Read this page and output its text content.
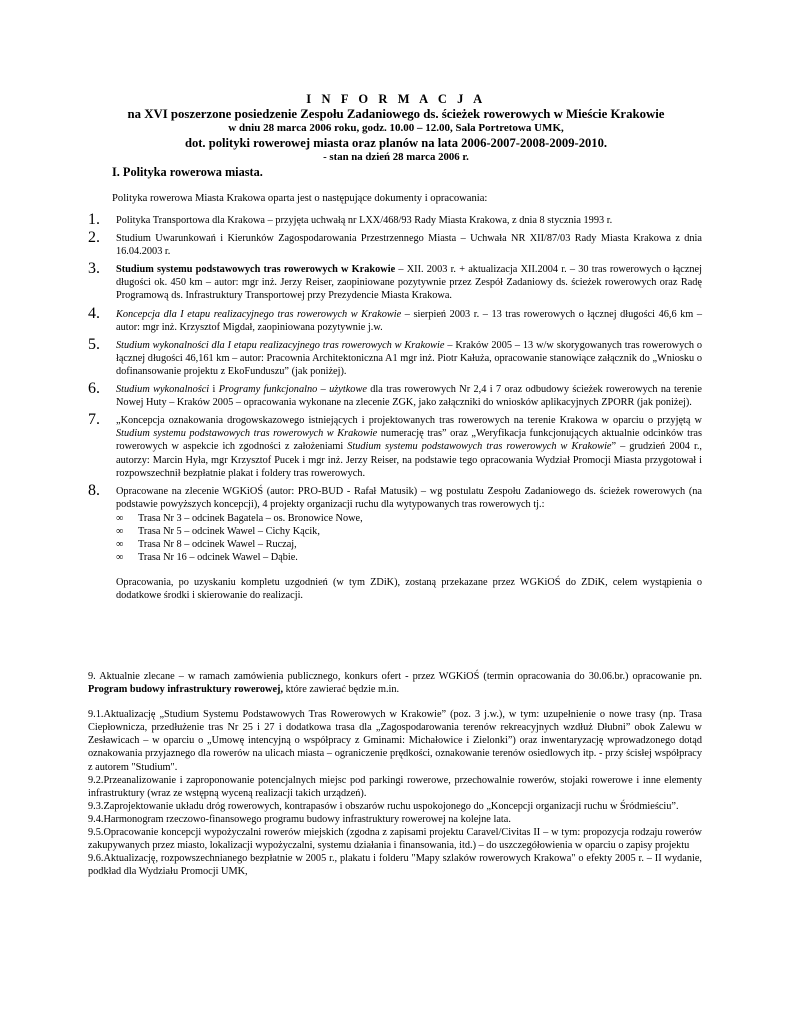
I N F O R M A C J A
na XVI poszerzone posiedzenie Zespołu Zadaniowego ds. ścieżek rowerowych w Mieście Krakowie
w dniu 28 marca 2006 roku, godz. 10.00 – 12.00, Sala Portretowa UMK,
dot. polityki rowerowej miasta oraz planów na lata 2006-2007-2008-2009-2010.
- stan na dzień 28 marca 2006 r.
I. Polityka rowerowa miasta.

Polityka rowerowa Miasta Krakowa oparta jest o następujące dokumenty i opracowania:

1. Polityka Transportowa dla Krakowa – przyjęta uchwałą nr LXX/468/93 Rady Miasta Krakowa, z dnia 8 stycznia 1993 r.
2. Studium Uwarunkowań i Kierunków Zagospodarowania Przestrzennego Miasta – Uchwała NR XII/87/03 Rady Miasta Krakowa z dnia 16.04.2003 r.
3. Studium systemu podstawowych tras rowerowych w Krakowie – XII. 2003 r. + aktualizacja XII.2004 r. – 30 tras rowerowych o łącznej długości ok. 450 km – autor: mgr inż. Jerzy Reiser, zaopiniowane pozytywnie przez Zespół Zadaniowy ds. ścieżek rowerowych oraz Radę Programową ds. Infrastruktury Transportowej przy Prezydencie Miasta Krakowa.
4. Koncepcja dla I etapu realizacyjnego tras rowerowych w Krakowie – sierpień 2003 r. – 13 tras rowerowych o łącznej długości 46,6 km – autor: mgr inż. Krzysztof Migdał, zaopiniowana pozytywnie j.w.
5. Studium wykonalności dla I etapu realizacyjnego tras rowerowych w Krakowie – Kraków 2005 – 13 w/w skorygowanych tras rowerowych o łącznej długości 46,161 km – autor: Pracownia Architektoniczna A1 mgr inż. Piotr Kałuża, opracowanie stanowiące załącznik do „Wniosku o dofinansowanie projektu z EkoFunduszu” (jak poniżej).
6. Studium wykonalności i Programy funkcjonalno – użytkowe dla tras rowerowych Nr 2,4 i 7 oraz odbudowy ścieżek rowerowych na terenie Nowej Huty – Kraków 2005 – opracowania wykonane na zlecenie ZGK, jako załączniki do wniosków aplikacyjnych ZPORR (jak poniżej).
7. „Koncepcja oznakowania drogowskazowego istniejących i projektowanych tras rowerowych na terenie Krakowa w oparciu o przyjętą w Studium systemu podstawowych tras rowerowych w Krakowie numerację tras” oraz „Weryfikacja funkcjonujących aktualnie odcinków tras rowerowych w aspekcie ich zgodności z założeniami Studium systemu podstawowych tras rowerowych w Krakowie” – grudzień 2004 r., autorzy: Marcin Hyła, mgr Krzysztof Pucek i mgr inż. Jerzy Reiser, na podstawie tego opracowania Wydział Promocji Miasta przygotował i rozpowszechnił bezpłatnie plakat i foldery tras rowerowych.
8. Opracowane na zlecenie WGKiOŚ (autor: PRO-BUD - Rafał Matusik) – wg postulatu Zespołu Zadaniowego ds. ścieżek rowerowych (na podstawie powyższych koncepcji), 4 projekty organizacji ruchu dla wytypowanych tras rowerowych tj.:
∞ Trasa Nr 3 – odcinek Bagatela – os. Bronowice Nowe,
∞ Trasa Nr 5 – odcinek Wawel – Cichy Kącik,
∞ Trasa Nr 8 – odcinek Wawel – Ruczaj,
∞ Trasa Nr 16 – odcinek Wawel – Dąbie.
Opracowania, po uzyskaniu kompletu uzgodnień (w tym ZDiK), zostaną przekazane przez WGKiOŚ do ZDiK, celem wystąpienia o dodatkowe środki i skierowanie do realizacji.

9. Aktualnie zlecane – w ramach zamówienia publicznego, konkurs ofert - przez WGKiOŚ (termin opracowania do 30.06.br.) opracowanie pn. Program budowy infrastruktury rowerowej, które zawierać będzie m.in.

9.1.Aktualizację „Studium Systemu Podstawowych Tras Rowerowych w Krakowie” (poz. 3 j.w.), w tym: uzupełnienie o nowe trasy (np. Trasa Ciepłownicza, przedłużenie tras Nr 25 i 27 i dodatkowa trasa dla „Zagospodarowania terenów rekreacyjnych wzdłuż Dłubni” obok Zalewu w Zesławicach – w oparciu o „Umowę intencyjną o współpracy z Gminami: Michałowice i Zielonki”) oraz inwentaryzację wprowadzonego dotąd oznakowania przyjaznego dla rowerów na ulicach miasta – ograniczenie prędkości, oznakowanie terenów osiedlowych itp. - przy ścisłej współpracy z autorem "Studium".

9.2.Przeanalizowanie i zaproponowanie potencjalnych miejsc pod parkingi rowerowe, przechowalnie rowerów, stojaki rowerowe i inne elementy infrastruktury (wraz ze wstępną wyceną realizacji takich urządzeń).

9.3.Zaprojektowanie układu dróg rowerowych, kontrapasów i obszarów ruchu uspokojonego do „Koncepcji organizacji ruchu w Śródmieściu”.

9.4.Harmonogram rzeczowo-finansowego programu budowy infrastruktury rowerowej na kolejne lata.

9.5.Opracowanie koncepcji wypożyczalni rowerów miejskich (zgodna z zapisami projektu Caravel/Civitas II – w tym: propozycja rodzaju rowerów zakupywanych przez miasto, lokalizacji wypożyczalni, systemu działania i finansowania, itd.) – do uszczegółowienia w oparciu o zapisy projektu

9.6.Aktualizację, rozpowszechnianego bezpłatnie w 2005 r., plakatu i folderu "Mapy szlaków rowerowych Krakowa" o efekty 2005 r. – II wydanie, podkład dla Wydziału Promocji UMK,
